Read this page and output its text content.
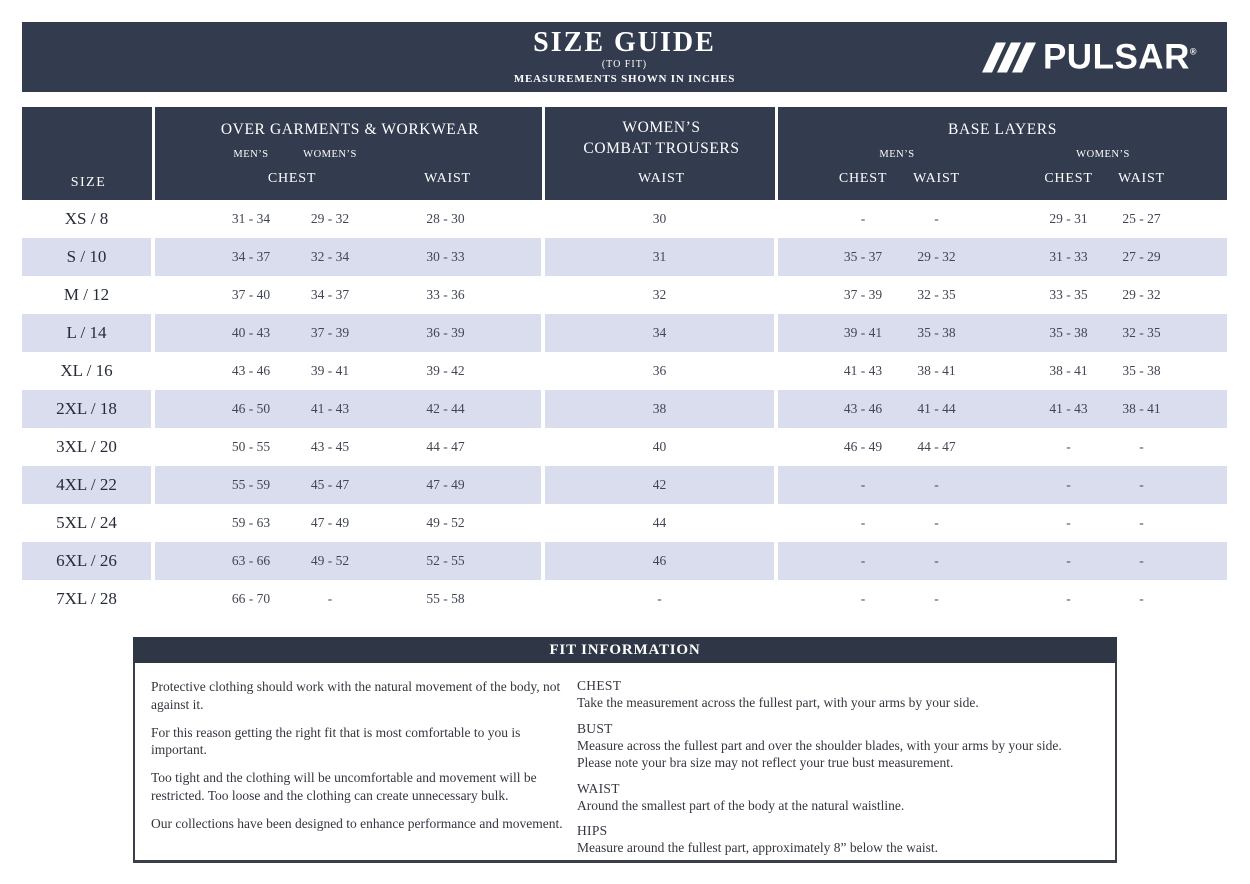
SIZE GUIDE
(TO FIT)
MEASUREMENTS SHOWN IN INCHES
PULSAR®
SIZE
OVER GARMENTS & WORKWEAR
MEN’S	WOMEN’S
CHEST	WAIST
WOMEN’S
COMBAT TROUSERS
WAIST
BASE LAYERS
MEN’S	WOMEN’S
CHEST	WAIST	CHEST	WAIST
XS / 8	31 - 34	29 - 32	28 - 30	30	-	-	29 - 31	25 - 27
S / 10	34 - 37	32 - 34	30 - 33	31	35 - 37	29 - 32	31 - 33	27 - 29
M / 12	37 - 40	34 - 37	33 - 36	32	37 - 39	32 - 35	33 - 35	29 - 32
L / 14	40 - 43	37 - 39	36 - 39	34	39 - 41	35 - 38	35 - 38	32 - 35
XL / 16	43 - 46	39 - 41	39 - 42	36	41 - 43	38 - 41	38 - 41	35 - 38
2XL / 18	46 - 50	41 - 43	42 - 44	38	43 - 46	41 - 44	41 - 43	38 - 41
3XL / 20	50 - 55	43 - 45	44 - 47	40	46 - 49	44 - 47	-	-
4XL / 22	55 - 59	45 - 47	47 - 49	42	-	-	-	-
5XL / 24	59 - 63	47 - 49	49 - 52	44	-	-	-	-
6XL / 26	63 - 66	49 - 52	52 - 55	46	-	-	-	-
7XL / 28	66 - 70	-	55 - 58	-	-	-	-	-
FIT INFORMATION

Protective clothing should work with the natural movement of the body, not against it.

For this reason getting the right fit that is most comfortable to you is important.

Too tight and the clothing will be uncomfortable and movement will be restricted. Too loose and the clothing can create unnecessary bulk.

Our collections have been designed to enhance performance and movement.

CHEST
Take the measurement across the fullest part, with your arms by your side.
BUST
Measure across the fullest part and over the shoulder blades, with your arms by your side. Please note your bra size may not reflect your true bust measurement.
WAIST
Around the smallest part of the body at the natural waistline.
HIPS
Measure around the fullest part, approximately 8” below the waist.
